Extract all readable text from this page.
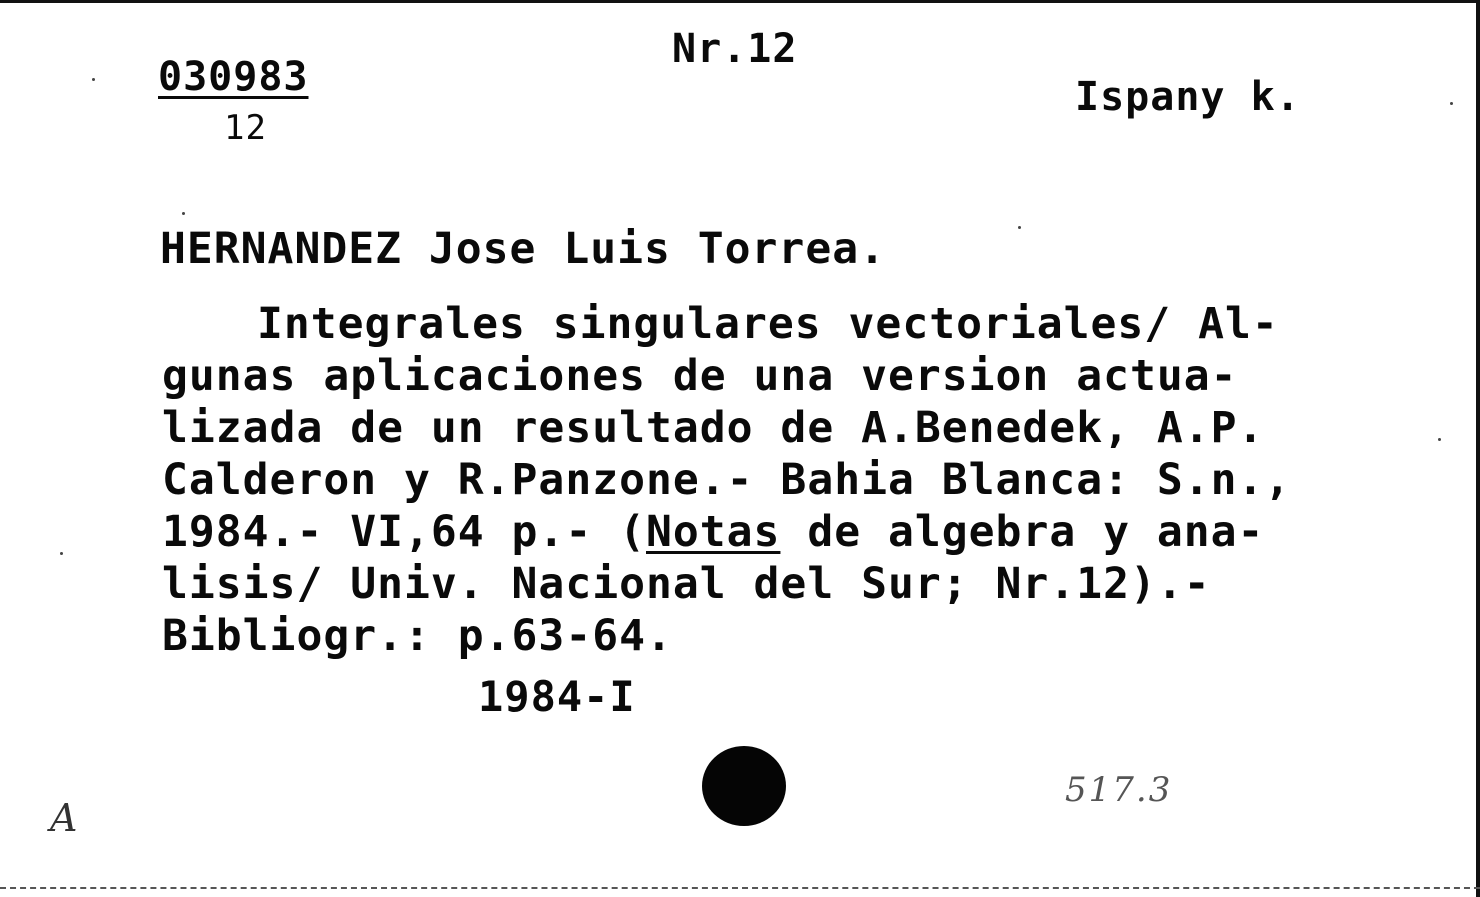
030983
12
Nr.12
Ispany k.
HERNANDEZ Jose Luis Torrea.
Integrales singulares vectoriales/ Al-
gunas aplicaciones de una version actua-
lizada de un resultado de A.Benedek, A.P.
Calderon y R.Panzone.- Bahia Blanca: S.n.,
1984.- VI,64 p.- (Notas de algebra y ana-
lisis/ Univ. Nacional del Sur; Nr.12).-
Bibliogr.: p.63-64.
1984-I
517.3
A
